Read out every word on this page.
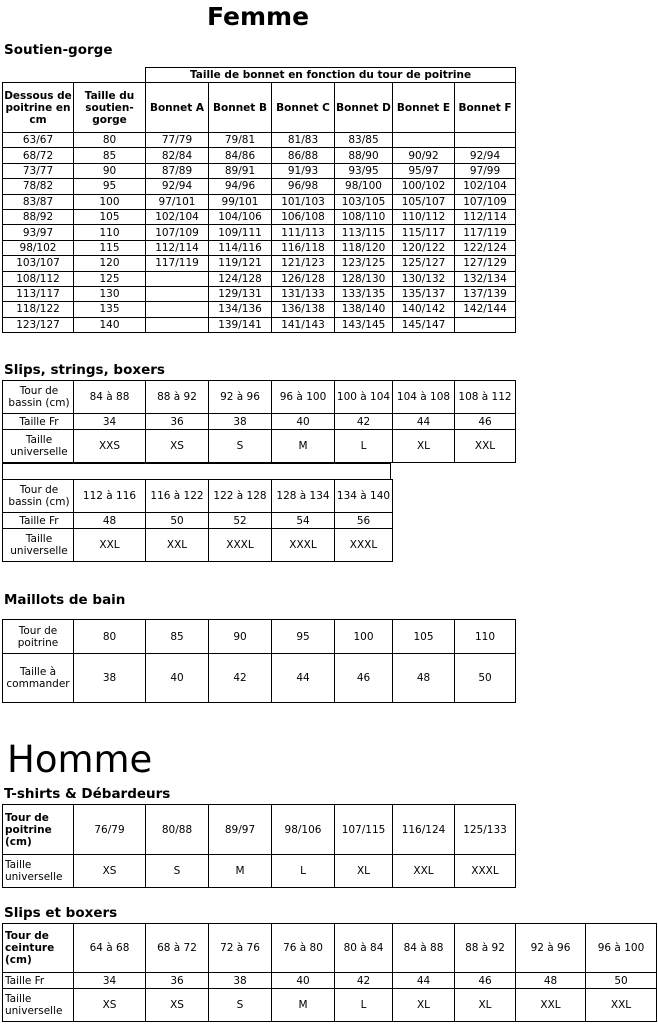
Femme
Soutien-gorge
		Taille de bonnet en fonction du tour de poitrine					
Dessous de poitrine en cm	Taille du soutien-gorge	Bonnet A	Bonnet B	Bonnet C	Bonnet D	Bonnet E	Bonnet F
63/67	80	77/79	79/81	81/83	83/85		
68/72	85	82/84	84/86	86/88	88/90	90/92	92/94
73/77	90	87/89	89/91	91/93	93/95	95/97	97/99
78/82	95	92/94	94/96	96/98	98/100	100/102	102/104
83/87	100	97/101	99/101	101/103	103/105	105/107	107/109
88/92	105	102/104	104/106	106/108	108/110	110/112	112/114
93/97	110	107/109	109/111	111/113	113/115	115/117	117/119
98/102	115	112/114	114/116	116/118	118/120	120/122	122/124
103/107	120	117/119	119/121	121/123	123/125	125/127	127/129
108/112	125		124/128	126/128	128/130	130/132	132/134
113/117	130		129/131	131/133	133/135	135/137	137/139
118/122	135		134/136	136/138	138/140	140/142	142/144
123/127	140		139/141	141/143	143/145	145/147	
Slips, strings, boxers
Tour de bassin (cm)	84 à 88	88 à 92	92 à 96	96 à 100	100 à 104	104 à 108	108 à 112
Taille Fr	34	36	38	40	42	44	46
Taille universelle	XXS	XS	S	M	L	XL	XXL
Tour de bassin (cm)	112 à 116	116 à 122	122 à 128	128 à 134	134 à 140
Taille Fr	48	50	52	54	56
Taille universelle	XXL	XXL	XXXL	XXXL	XXXL
Maillots de bain
Tour de poitrine	80	85	90	95	100	105	110
Taille à commander	38	40	42	44	46	48	50
Homme
T-shirts & Débardeurs
Tour de poitrine (cm)	76/79	80/88	89/97	98/106	107/115	116/124	125/133
Taille universelle	XS	S	M	L	XL	XXL	XXXL
Slips et boxers
Tour de ceinture (cm)	64 à 68	68 à 72	72 à 76	76 à 80	80 à 84	84 à 88	88 à 92	92 à 96	96 à 100
Taille Fr	34	36	38	40	42	44	46	48	50
Taille universelle	XS	XS	S	M	L	XL	XL	XXL	XXL
